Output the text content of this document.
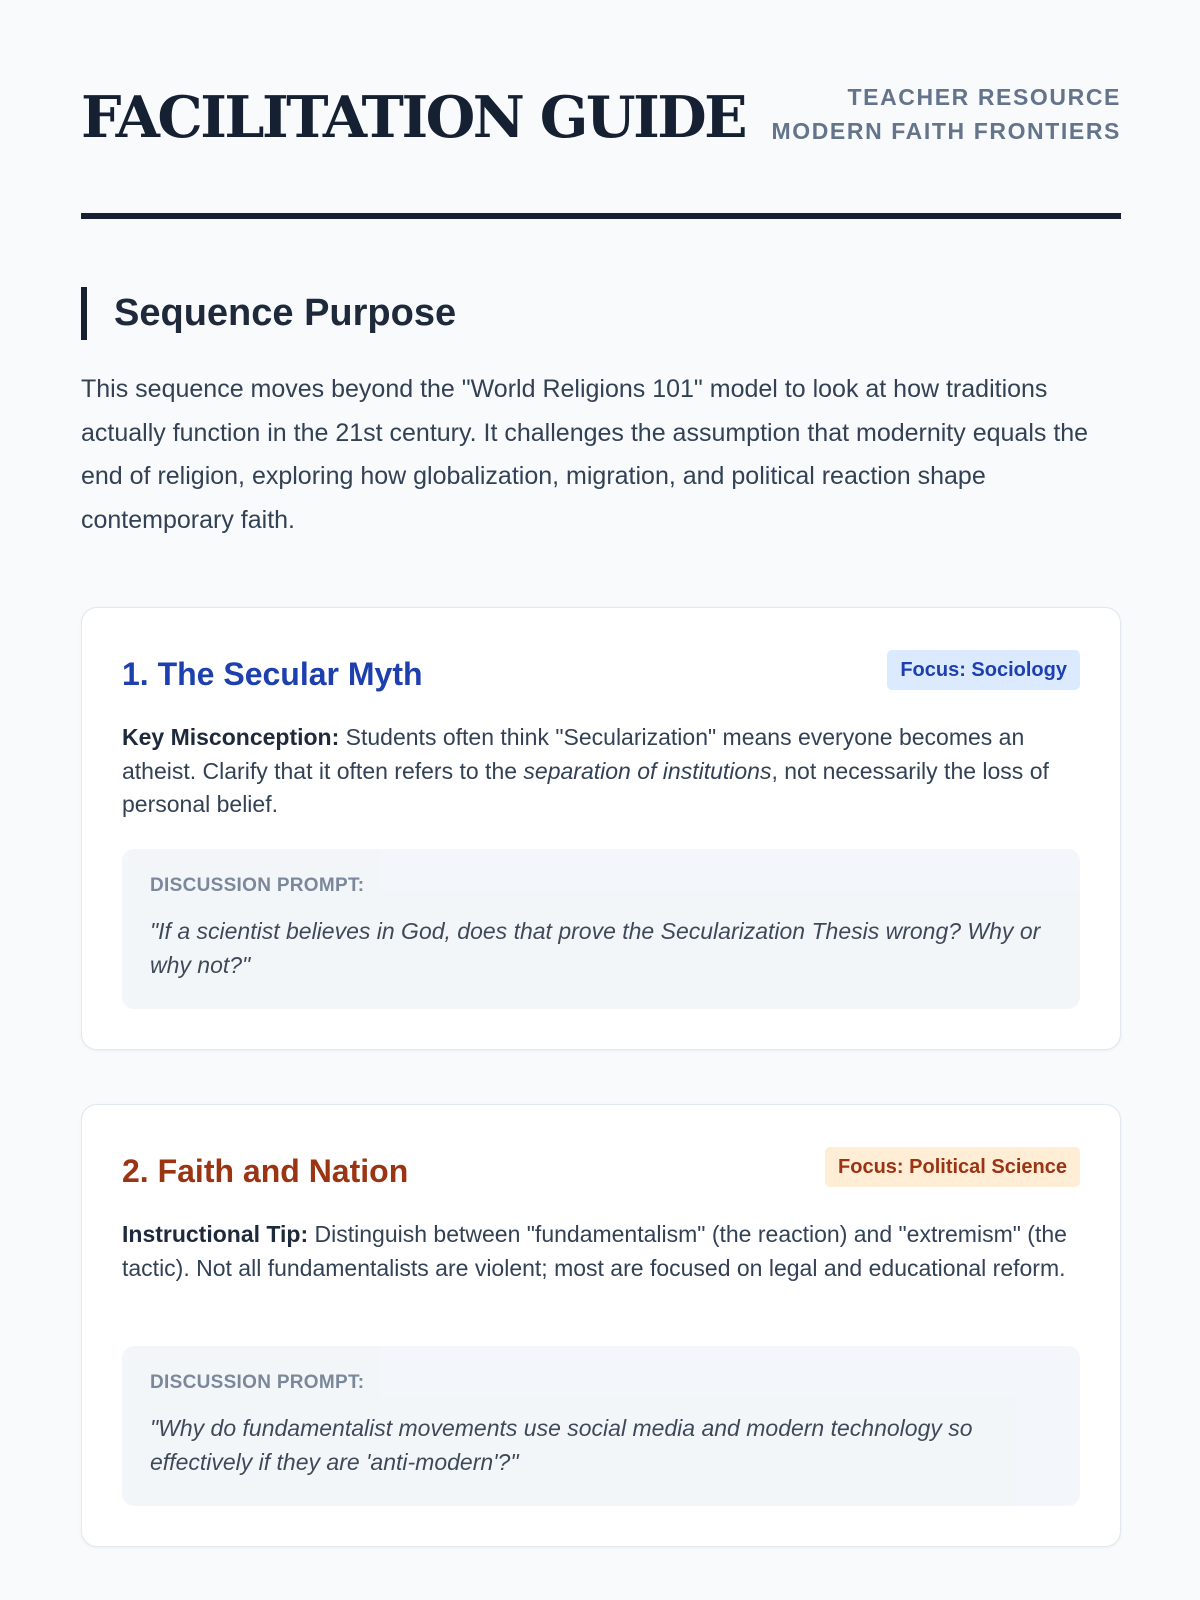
FACILITATION GUIDE	TEACHER RESOURCE
MODERN FAITH FRONTIERS
Sequence Purpose

This sequence moves beyond the "World Religions 101" model to look at how traditions actually function in the 21st century. It challenges the assumption that modernity equals the end of religion, exploring how globalization, migration, and political reaction shape contemporary faith.

1. The Secular Myth	Focus: Sociology

Key Misconception: Students often think "Secularization" means everyone becomes an atheist. Clarify that it often refers to the separation of institutions, not necessarily the loss of personal belief.

DISCUSSION PROMPT:

"If a scientist believes in God, does that prove the Secularization Thesis wrong? Why or why not?"

2. Faith and Nation	Focus: Political Science

Instructional Tip: Distinguish between "fundamentalism" (the reaction) and "extremism" (the tactic). Not all fundamentalists are violent; most are focused on legal and educational reform.

DISCUSSION PROMPT:

"Why do fundamentalist movements use social media and modern technology so effectively if they are 'anti-modern'?"
